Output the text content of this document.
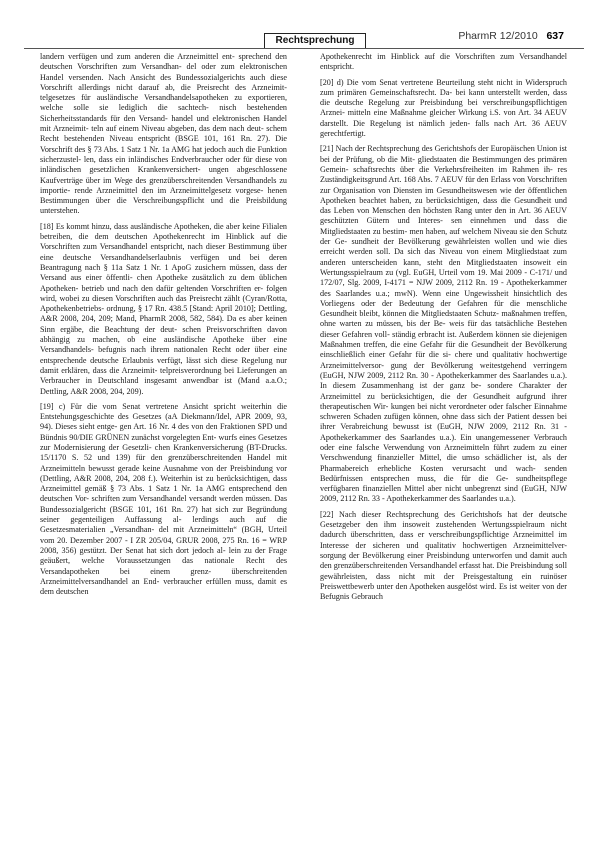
Rechtsprechung	PharmR 12/2010 637

landern verfügen und zum anderen die Arzneimittel ent- sprechend den deutschen Vorschriften zum Versandhan- del oder zum elektronischen Handel versenden. Nach Ansicht des Bundessozialgerichts auch diese Vorschrift allerdings nicht darauf ab, die Preisrecht des Arzneimit- telgesetzes für ausländische Versandhandelsapotheken zu exportieren, welche solle sie lediglich die sachtech- nisch bestehenden Sicherheitsstandards für den Versand- handel und elektronischen Handel mit Arzneimit- teln auf einem Niveau abgeben, das dem nach deut- schem Recht bestehenden Niveau entspricht (BSGE 101, 161 Rn. 27). Die Vorschrift des § 73 Abs. 1 Satz 1 Nr. 1a AMG hat jedoch auch die Funktion sicherzustel- len, dass ein inländisches Endverbraucher oder für diese von inländischen gesetzlichen Krankenversichert- ungen abgeschlossene Kaufverträge über im Wege des grenzüberschreitenden Versandhandels zu importie- rende Arzneimittel den im Arzneimittelgesetz vorgese- henen Bestimmungen über die Verschreibungspflicht und die Preisbildung unterstehen.

[18] Es kommt hinzu, dass ausländische Apotheken, die aber keine Filialen betreiben, die dem deutschen Apothekenrecht im Hinblick auf die Vorschriften zum Versandhandel entspricht, nach dieser Bestimmung über eine deutsche Versandhandelserlaubnis verfügen und bei deren Beantragung nach § 11a Satz 1 Nr. 1 ApoG zusichern müssen, dass der Versand aus einer öffentli- chen Apotheke zusätzlich zu dem üblichen Apotheken- betrieb und nach den dafür geltenden Vorschriften er- folgen wird, wobei zu diesen Vorschriften auch das Preisrecht zählt (Cyran/Rotta, Apothekenbetriebs- ordnung, § 17 Rn. 438.5 [Stand: April 2010]; Dettling, A&R 2008, 204, 209; Mand, PharmR 2008, 582, 584). Da es aber keinen Sinn ergäbe, die Beachtung der deut- schen Preisvorschriften davon abhängig zu machen, ob eine ausländische Apotheke über eine Versandhandels- befugnis nach ihrem nationalen Recht oder über eine entsprechende deutsche Erlaubnis verfügt, lässt sich diese Regelung nur damit erklären, dass die Arzneimit- telpreisverordnung bei Lieferungen an Verbraucher in Deutschland insgesamt anwendbar ist (Mand a.a.O.; Dettling, A&R 2008, 204, 209).

[19] c) Für die vom Senat vertretene Ansicht spricht weiterhin die Entstehungsgeschichte des Gesetzes (aA Diekmann/Idel, APR 2009, 93, 94). Dieses sieht entge- gen Art. 16 Nr. 4 des von den Fraktionen SPD und Bündnis 90/DIE GRÜNEN zunächst vorgelegten Ent- wurfs eines Gesetzes zur Modernisierung der Gesetzli- chen Krankenversicherung (BT-Drucks. 15/1170 S. 52 und 139) für den grenzüberschreitenden Handel mit Arzneimitteln bewusst gerade keine Ausnahme von der Preisbindung vor (Dettling, A&R 2008, 204, 208 f.). Weiterhin ist zu berücksichtigen, dass Arzneimittel gemäß § 73 Abs. 1 Satz 1 Nr. 1a AMG entsprechend den deutschen Vor- schriften zum Versandhandel versandt werden müssen. Das Bundessozialgericht (BSGE 101, 161 Rn. 27) hat sich zur Begründung seiner gegenteiligen Auffassung al- lerdings auch auf die Gesetzesmaterialien „Versandhan- del mit Arzneimitteln“ (BGH, Urteil vom 20. Dezember 2007 - I ZR 205/04, GRUR 2008, 275 Rn. 16 = WRP 2008, 356) gestützt. Der Senat hat sich dort jedoch al- lein zu der Frage geäußert, welche Voraussetzungen das nationale Recht des Versandapotheken bei einem grenz- überschreitenden Arzneimittelversandhandel an End- verbraucher erfüllen muss, damit es dem deutschen

Apothekenrecht im Hinblick auf die Vorschriften zum Versandhandel entspricht.

[20] d) Die vom Senat vertretene Beurteilung steht nicht in Widerspruch zum primären Gemeinschaftsrecht. Da- bei kann unterstellt werden, dass die deutsche Regelung zur Preisbindung bei verschreibungspflichtigen Arznei- mitteln eine Maßnahme gleicher Wirkung i.S. von Art. 34 AEUV darstellt. Die Regelung ist nämlich jeden- falls nach Art. 36 AEUV gerechtfertigt.

[21] Nach der Rechtsprechung des Gerichtshofs der Europäischen Union ist bei der Prüfung, ob die Mit- gliedstaaten die Bestimmungen des primären Gemein- schaftsrechts über die Verkehrsfreiheiten im Rahmen ih- res Zuständigkeitsgrund Art. 168 Abs. 7 AEUV für den Erlass von Vorschriften zur Organisation von Diensten im Gesundheitswesen wie der öffentlichen Apotheken beachtet haben, zu berücksichtigen, dass die Gesundheit und das Leben von Menschen den höchsten Rang unter den in Art. 36 AEUV geschützten Gütern und Interes- sen einnehmen und dass die Mitgliedstaaten zu bestim- men haben, auf welchem Niveau sie den Schutz der Ge- sundheit der Bevölkerung gewährleisten wollen und wie dies erreicht werden soll. Da sich das Niveau von einem Mitgliedstaat zum anderen unterscheiden kann, steht den Mitgliedstaaten insoweit ein Wertungsspielraum zu (vgl. EuGH, Urteil vom 19. Mai 2009 - C-171/ und 172/07, Slg. 2009, I-4171 = NJW 2009, 2112 Rn. 19 - Apothekerkammer des Saarlandes u.a.; mwN). Wenn eine Ungewissheit hinsichtlich des Vorliegens oder der Bedeutung der Gefahren für die menschliche Gesundheit bleibt, können die Mitgliedstaaten Schutz- maßnahmen treffen, ohne warten zu müssen, bis der Be- weis für das tatsächliche Bestehen dieser Gefahren voll- ständig erbracht ist. Außerdem können sie diejenigen Maßnahmen treffen, die eine Gefahr für die Gesundheit der Bevölkerung einschließlich einer Gefahr für die si- chere und qualitativ hochwertige Arzneimittelversor- gung der Bevölkerung weitestgehend verringern (EuGH, NJW 2009, 2112 Rn. 30 - Apothekerkammer des Saarlandes u.a.). In diesem Zusammenhang ist der ganz be- sondere Charakter der Arzneimittel zu berücksichtigen, die der Gesundheit aufgrund ihrer therapeutischen Wir- kungen bei nicht verordneter oder falscher Einnahme schweren Schaden zufügen können, ohne dass sich der Patient dessen bei ihrer Verabreichung bewusst ist (EuGH, NJW 2009, 2112 Rn. 31 - Apothekerkammer des Saarlandes u.a.). Ein unangemessener Verbrauch oder eine falsche Verwendung von Arzneimitteln führt zudem zu einer Verschwendung finanzieller Mittel, die umso schädlicher ist, als der Pharmabereich erhebliche Kosten verursacht und wach- senden Bedürfnissen entsprechen muss, die für die Ge- sundheitspflege verfügbaren finanziellen Mittel aber nicht unbegrenzt sind (EuGH, NJW 2009, 2112 Rn. 33 - Apothekerkammer des Saarlandes u.a.).

[22] Nach dieser Rechtsprechung des Gerichtshofs hat der deutsche Gesetzgeber den ihm insoweit zustehenden Wertungsspielraum nicht dadurch überschritten, dass er verschreibungspflichtige Arzneimittel im Interesse der sicheren und qualitativ hochwertigen Arzneimittelver- sorgung der Bevölkerung einer Preisbindung unterworfen und damit auch den grenzüberschreitenden Versandhandel erfasst hat. Die Preisbindung soll gewährleisten, dass nicht mit der Preisgestaltung ein ruinöser Preiswettbewerb unter den Apotheken ausgelöst wird. Es ist weiter von der Befugnis Gebrauch
